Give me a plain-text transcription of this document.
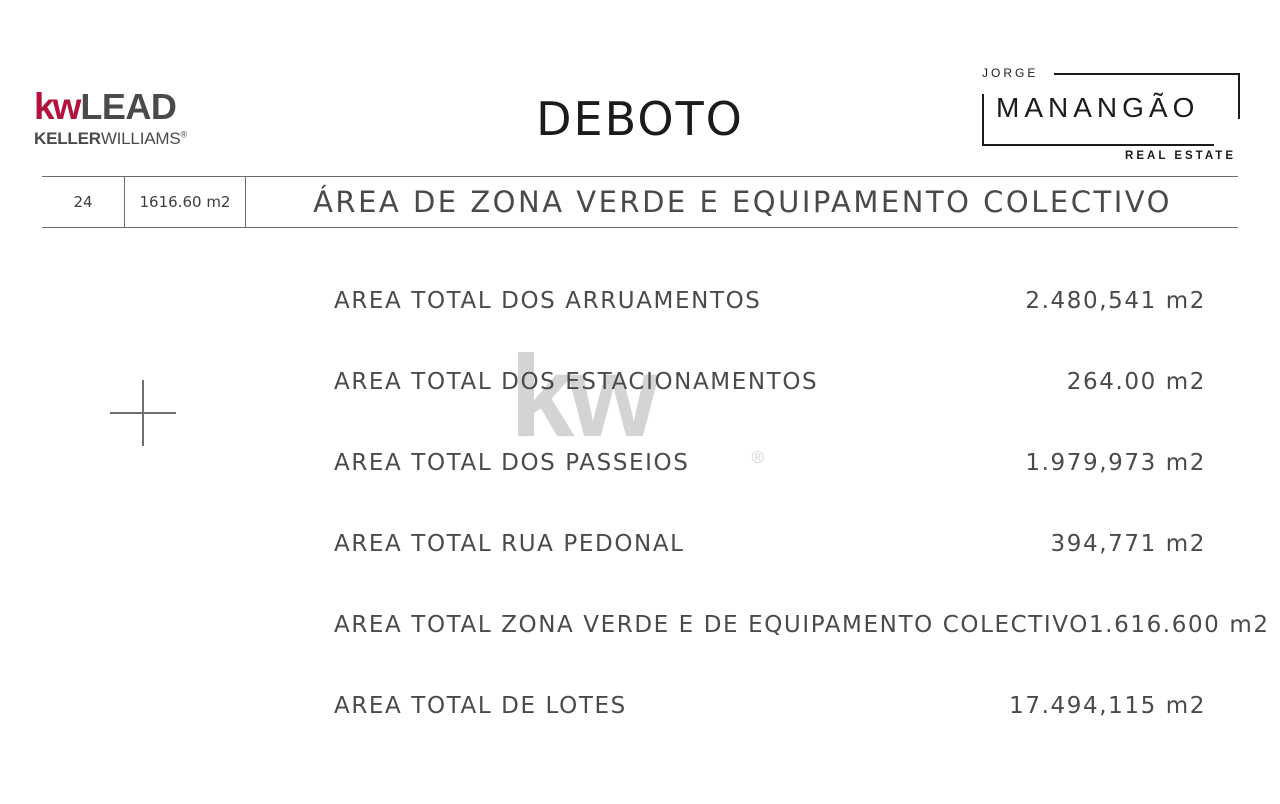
kw LEAD
KELLERWILLIAMS®	DEBOTO
JORGE
MANANGÃO
REAL ESTATE
24	1616.60 m2	ÁREA DE ZONA VERDE E EQUIPAMENTO COLECTIVO
kw	®
AREA TOTAL DOS ARRUAMENTOS	2.480,541 m2
AREA TOTAL DOS ESTACIONAMENTOS	264.00 m2
AREA TOTAL DOS PASSEIOS	1.979,973 m2
AREA TOTAL RUA PEDONAL	394,771 m2
AREA TOTAL ZONA VERDE E DE EQUIPAMENTO COLECTIVO 1.616.600 m2
AREA TOTAL DE LOTES	17.494,115 m2
